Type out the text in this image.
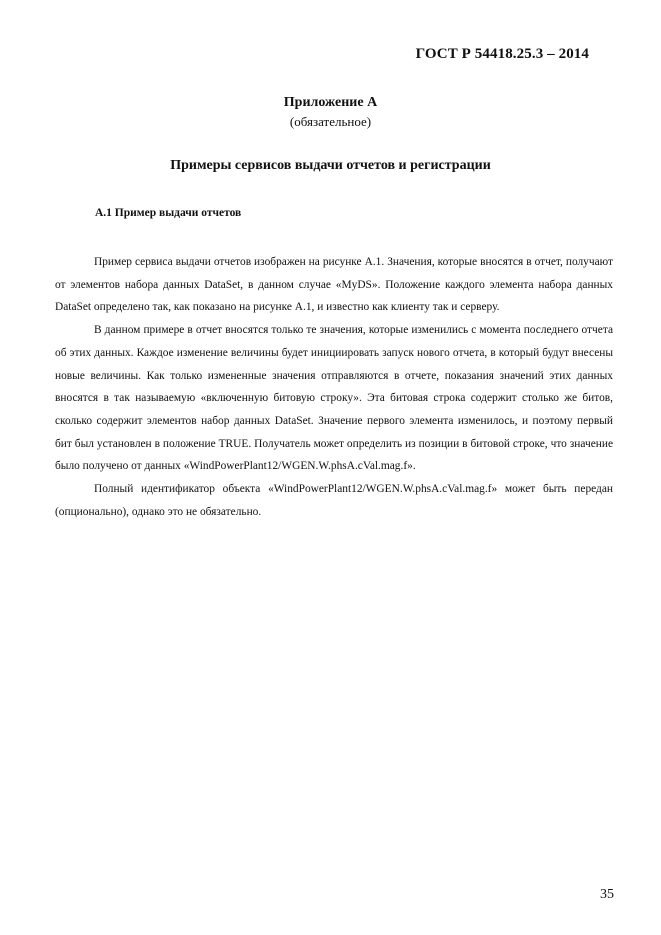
ГОСТ Р 54418.25.3 – 2014
Приложение А
(обязательное)
Примеры сервисов выдачи отчетов и регистрации
А.1 Пример выдачи отчетов

Пример сервиса выдачи отчетов изображен на рисунке А.1. Значения, которые вносятся в отчет, получают от элементов набора данных DataSet, в данном случае «MyDS». Положение каждого элемента набора данных DataSet определено так, как показано на рисунке А.1, и известно как клиенту так и серверу.

В данном примере в отчет вносятся только те значения, которые изменились с момента последнего отчета об этих данных. Каждое изменение величины будет инициировать запуск нового отчета, в который будут внесены новые величины. Как только измененные значения отправляются в отчете, показания значений этих данных вносятся в так называемую «включенную битовую строку». Эта битовая строка содержит столько же битов, сколько содержит элементов набор данных DataSet. Значение первого элемента изменилось, и поэтому первый бит был установлен в положение TRUE. Получатель может определить из позиции в битовой строке, что значение было получено от данных «WindPowerPlant12/WGEN.W.phsA.cVal.mag.f».

Полный идентификатор объекта «WindPowerPlant12/WGEN.W.phsA.cVal.mag.f» может быть передан (опционально), однако это не обязательно.

35
